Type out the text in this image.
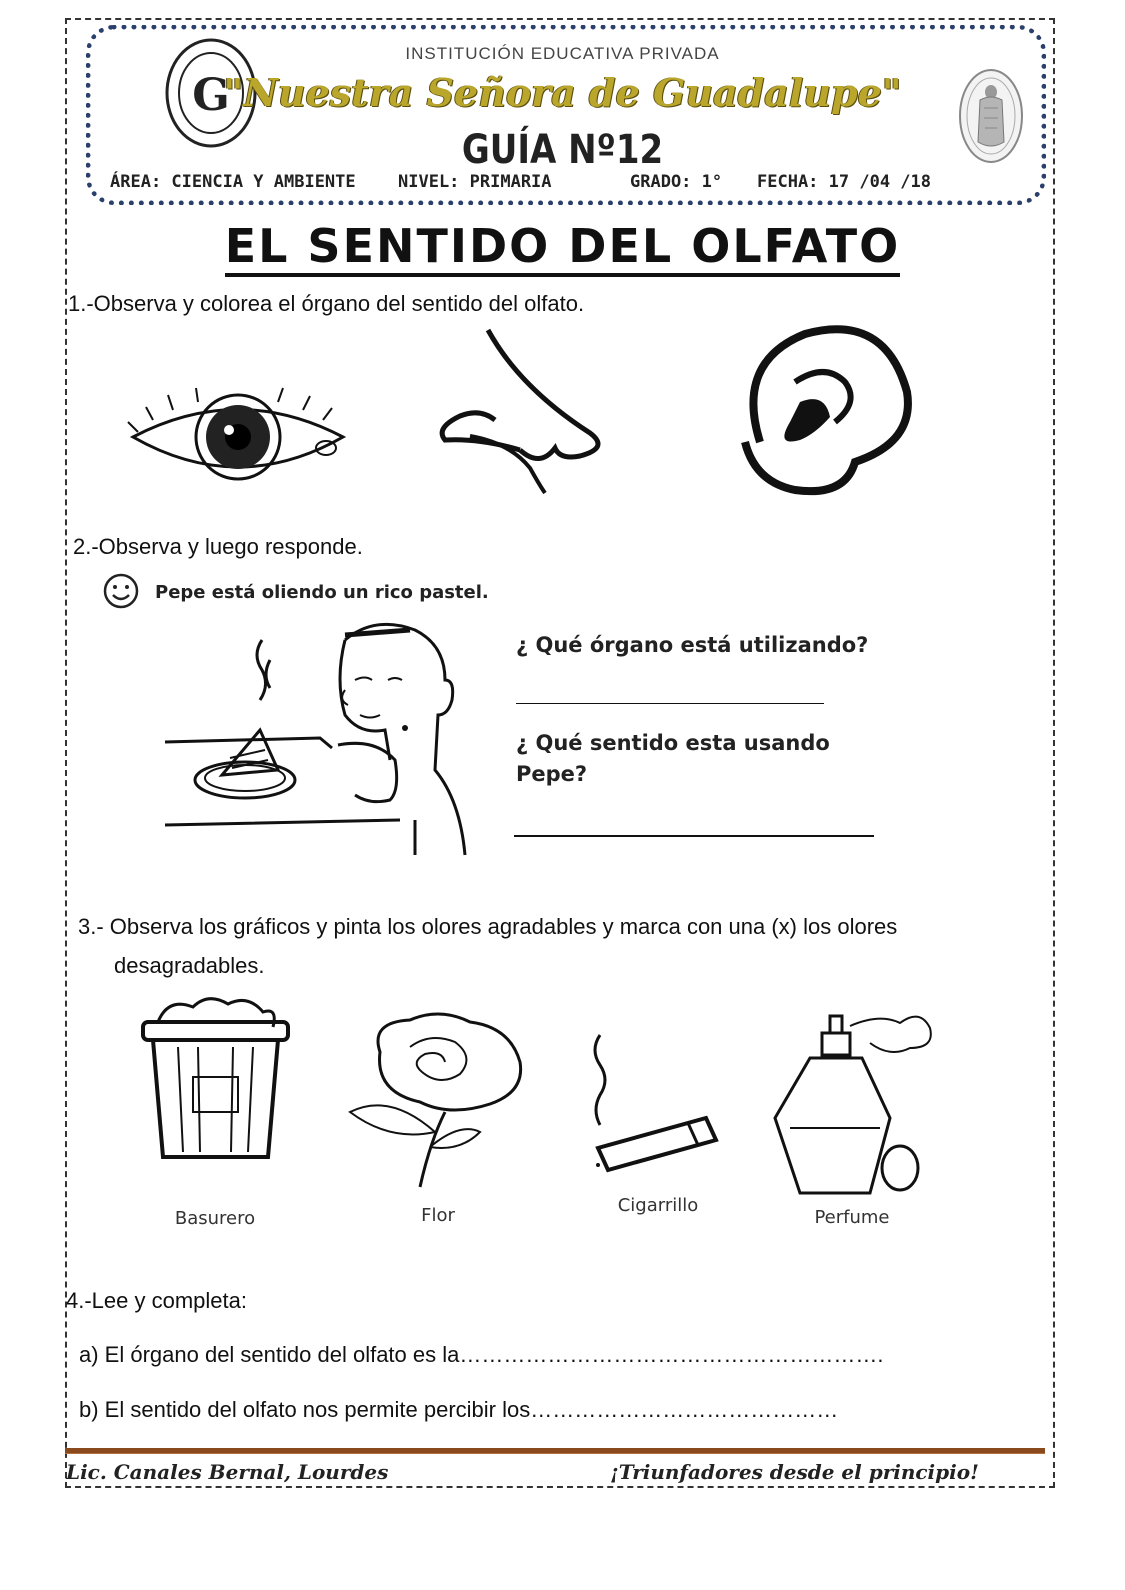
G
INSTITUCIÓN EDUCATIVA PRIVADA
"Nuestra Señora de Guadalupe"
GUÍA Nº12
ÁREA: CIENCIA Y AMBIENTE NIVEL: PRIMARIA	GRADO: 1° FECHA: 17 /04 /18
EL SENTIDO DEL OLFATO
1.-Observa y colorea el órgano del sentido del olfato.
2.-Observa y luego responde.
Pepe está oliendo un rico pastel.
¿ Qué órgano está utilizando?
¿ Qué sentido esta usando
Pepe?
3.- Observa los gráficos y pinta los olores agradables y marca con una (x) los olores
desagradables.
Basurero	Flor	Cigarrillo
Perfume
4.-Lee y completa:
a) El órgano del sentido del olfato es la………………………………………………….
b) El sentido del olfato nos permite percibir los……………………………………
Lic. Canales Bernal, Lourdes	¡Triunfadores desde el principio!
